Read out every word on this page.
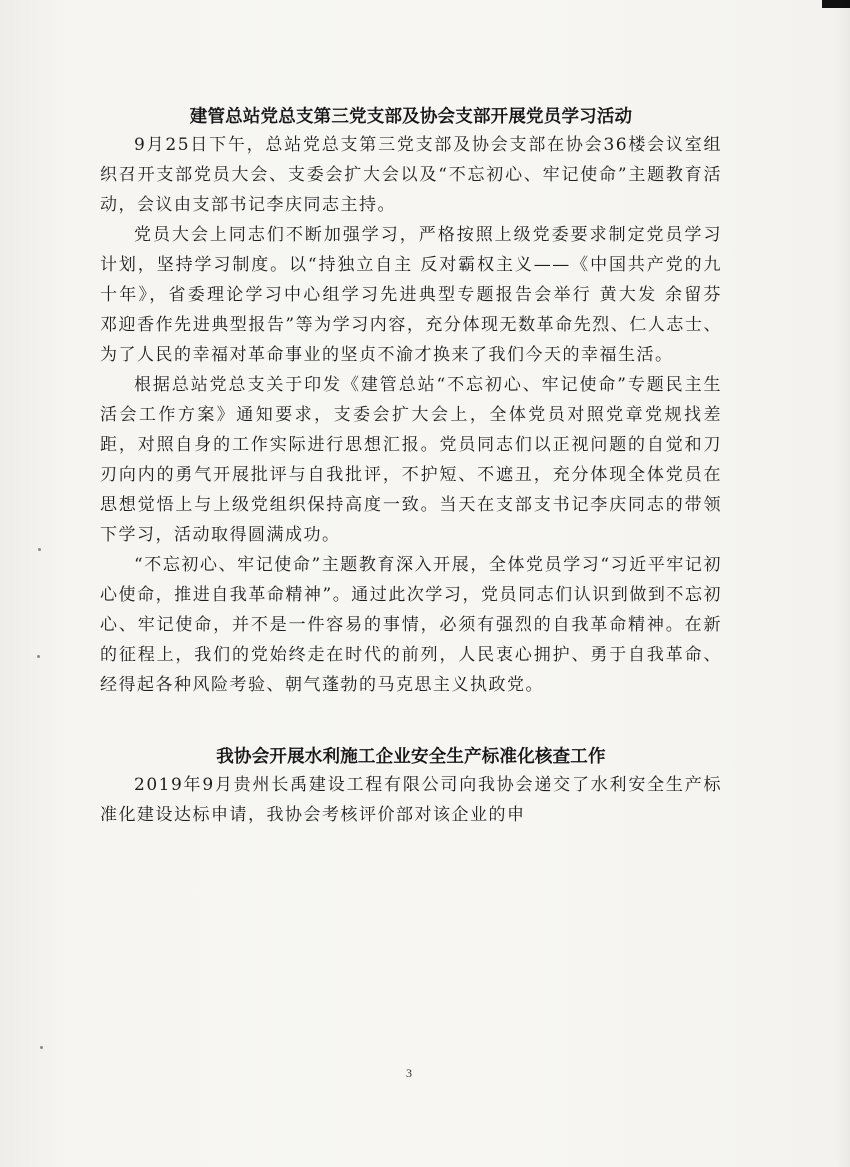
建管总站党总支第三党支部及协会支部开展党员学习活动

9月25日下午，总站党总支第三党支部及协会支部在协会36楼会议室组织召开支部党员大会、支委会扩大会以及“不忘初心、牢记使命”主题教育活动，会议由支部书记李庆同志主持。

党员大会上同志们不断加强学习，严格按照上级党委要求制定党员学习计划，坚持学习制度。以“持独立自主 反对霸权主义——《中国共产党的九十年》，省委理论学习中心组学习先进典型专题报告会举行 黄大发 余留芬 邓迎香作先进典型报告”等为学习内容，充分体现无数革命先烈、仁人志士、为了人民的幸福对革命事业的坚贞不渝才换来了我们今天的幸福生活。

根据总站党总支关于印发《建管总站“不忘初心、牢记使命”专题民主生活会工作方案》通知要求，支委会扩大会上，全体党员对照党章党规找差距，对照自身的工作实际进行思想汇报。党员同志们以正视问题的自觉和刀刃向内的勇气开展批评与自我批评，不护短、不遮丑，充分体现全体党员在思想觉悟上与上级党组织保持高度一致。当天在支部支书记李庆同志的带领下学习，活动取得圆满成功。

“不忘初心、牢记使命”主题教育深入开展，全体党员学习“习近平牢记初心使命，推进自我革命精神”。通过此次学习，党员同志们认识到做到不忘初心、牢记使命，并不是一件容易的事情，必须有强烈的自我革命精神。在新的征程上，我们的党始终走在时代的前列，人民衷心拥护、勇于自我革命、经得起各种风险考验、朝气蓬勃的马克思主义执政党。

我协会开展水利施工企业安全生产标准化核查工作

2019年9月贵州长禹建设工程有限公司向我协会递交了水利安全生产标准化建设达标申请，我协会考核评价部对该企业的申

3
